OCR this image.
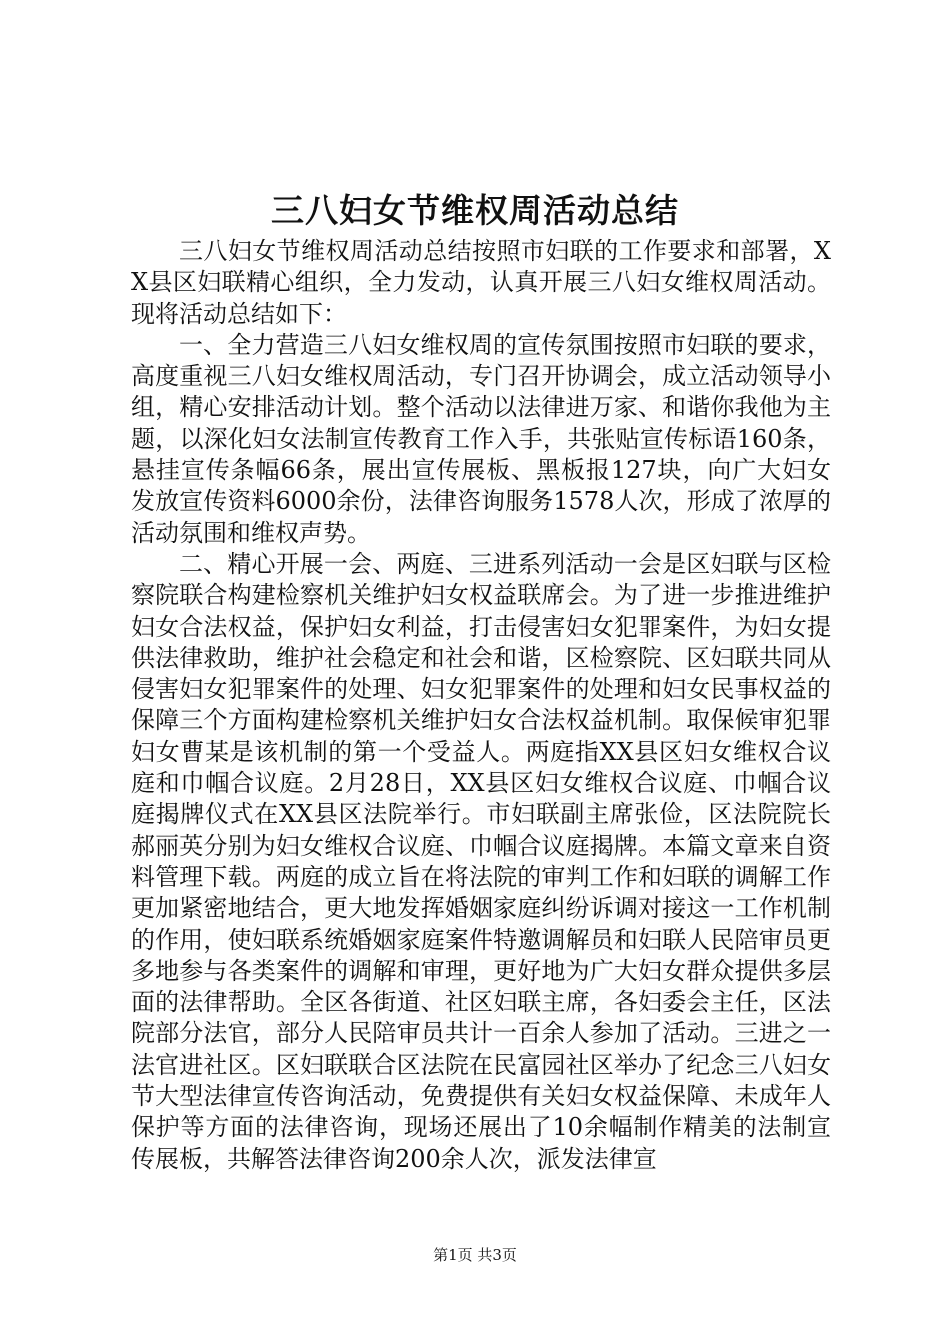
三八妇女节维权周活动总结

三八妇女节维权周活动总结按照市妇联的工作要求和部署，XX县区妇联精心组织，全力发动，认真开展三八妇女维权周活动。现将活动总结如下：

一、全力营造三八妇女维权周的宣传氛围按照市妇联的要求，高度重视三八妇女维权周活动，专门召开协调会，成立活动领导小组，精心安排活动计划。整个活动以法律进万家、和谐你我他为主题，以深化妇女法制宣传教育工作入手，共张贴宣传标语160条，悬挂宣传条幅66条，展出宣传展板、黑板报127块，向广大妇女发放宣传资料6000余份，法律咨询服务1578人次，形成了浓厚的活动氛围和维权声势。

二、精心开展一会、两庭、三进系列活动一会是区妇联与区检察院联合构建检察机关维护妇女权益联席会。为了进一步推进维护妇女合法权益，保护妇女利益，打击侵害妇女犯罪案件，为妇女提供法律救助，维护社会稳定和社会和谐，区检察院、区妇联共同从侵害妇女犯罪案件的处理、妇女犯罪案件的处理和妇女民事权益的保障三个方面构建检察机关维护妇女合法权益机制。取保候审犯罪妇女曹某是该机制的第一个受益人。两庭指XX县区妇女维权合议庭和巾帼合议庭。2月28日，XX县区妇女维权合议庭、巾帼合议庭揭牌仪式在XX县区法院举行。市妇联副主席张俭，区法院院长郝丽英分别为妇女维权合议庭、巾帼合议庭揭牌。本篇文章来自资料管理下载。两庭的成立旨在将法院的审判工作和妇联的调解工作更加紧密地结合，更大地发挥婚姻家庭纠纷诉调对接这一工作机制的作用，使妇联系统婚姻家庭案件特邀调解员和妇联人民陪审员更多地参与各类案件的调解和审理，更好地为广大妇女群众提供多层面的法律帮助。全区各街道、社区妇联主席，各妇委会主任，区法院部分法官，部分人民陪审员共计一百余人参加了活动。三进之一法官进社区。区妇联联合区法院在民富园社区举办了纪念三八妇女节大型法律宣传咨询活动，免费提供有关妇女权益保障、未成年人保护等方面的法律咨询，现场还展出了10余幅制作精美的法制宣传展板，共解答法律咨询200余人次，派发法律宣

第1页 共3页
